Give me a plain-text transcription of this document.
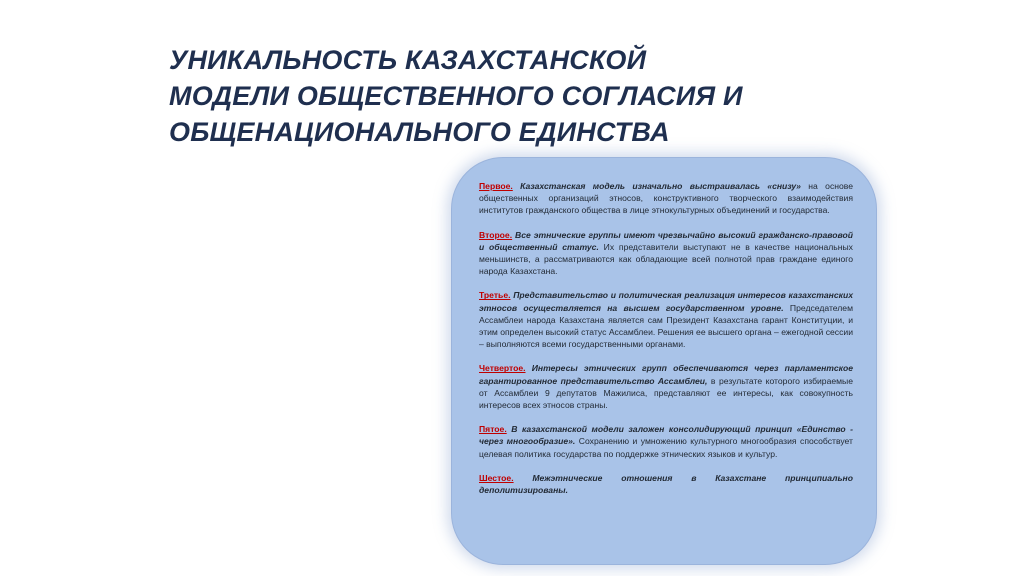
УНИКАЛЬНОСТЬ КАЗАХСТАНСКОЙ
МОДЕЛИ ОБЩЕСТВЕННОГО СОГЛАСИЯ И
ОБЩЕНАЦИОНАЛЬНОГО ЕДИНСТВА

Первое. Казахстанская модель изначально выстраивалась «снизу» на основе общественных организаций этносов, конструктивного творческого взаимодействия институтов гражданского общества в лице этнокультурных объединений и государства.

Второе. Все этнические группы имеют чрезвычайно высокий гражданско-правовой и общественный статус. Их представители выступают не в качестве национальных меньшинств, а рассматриваются как обладающие всей полнотой прав граждане единого народа Казахстана.

Третье. Представительство и политическая реализация интересов казахстанских этносов осуществляется на высшем государственном уровне. Председателем Ассамблеи народа Казахстана является сам Президент Казахстана гарант Конституции, и этим определен высокий статус Ассамблеи. Решения ее высшего органа – ежегодной сессии – выполняются всеми государственными органами.

Четвертое. Интересы этнических групп обеспечиваются через парламентское гарантированное представительство Ассамблеи, в результате которого избираемые от Ассамблеи 9 депутатов Мажилиса, представляют ее интересы, как совокупность интересов всех этносов страны.

Пятое. В казахстанской модели заложен консолидирующий принцип «Единство - через многообразие». Сохранению и умножению культурного многообразия способствует целевая политика государства по поддержке этнических языков и культур.

Шестое. Межэтнические отношения в Казахстане принципиально деполитизированы.
